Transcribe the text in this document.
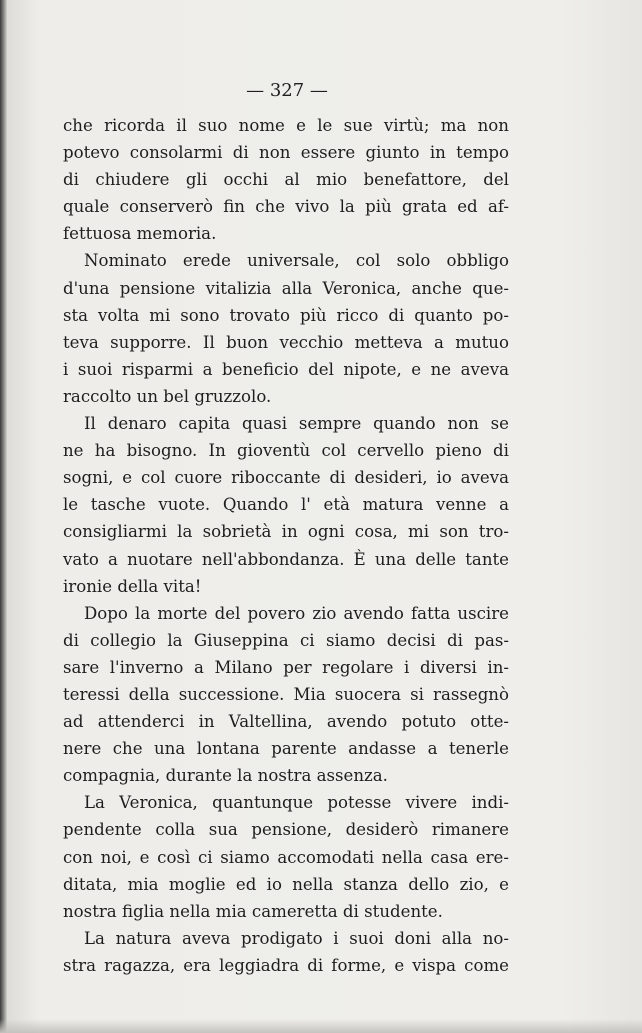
— 327 —
che ricorda il suo nome e le sue virtù; ma non
potevo consolarmi di non essere giunto in tempo
di chiudere gli occhi al mio benefattore, del
quale conserverò fin che vivo la più grata ed af-
fettuosa memoria.
Nominato erede universale, col solo obbligo
d'una pensione vitalizia alla Veronica, anche que-
sta volta mi sono trovato più ricco di quanto po-
teva supporre. Il buon vecchio metteva a mutuo
i suoi risparmi a beneficio del nipote, e ne aveva
raccolto un bel gruzzolo.
Il denaro capita quasi sempre quando non se
ne ha bisogno. In gioventù col cervello pieno di
sogni, e col cuore riboccante di desideri, io aveva
le tasche vuote. Quando l' età matura venne a
consigliarmi la sobrietà in ogni cosa, mi son tro-
vato a nuotare nell'abbondanza. È una delle tante
ironie della vita!
Dopo la morte del povero zio avendo fatta uscire
di collegio la Giuseppina ci siamo decisi di pas-
sare l'inverno a Milano per regolare i diversi in-
teressi della successione. Mia suocera si rassegnò
ad attenderci in Valtellina, avendo potuto otte-
nere che una lontana parente andasse a tenerle
compagnia, durante la nostra assenza.
La Veronica, quantunque potesse vivere indi-
pendente colla sua pensione, desiderò rimanere
con noi, e così ci siamo accomodati nella casa ere-
ditata, mia moglie ed io nella stanza dello zio, e
nostra figlia nella mia cameretta di studente.
La natura aveva prodigato i suoi doni alla no-
stra ragazza, era leggiadra di forme, e vispa come
